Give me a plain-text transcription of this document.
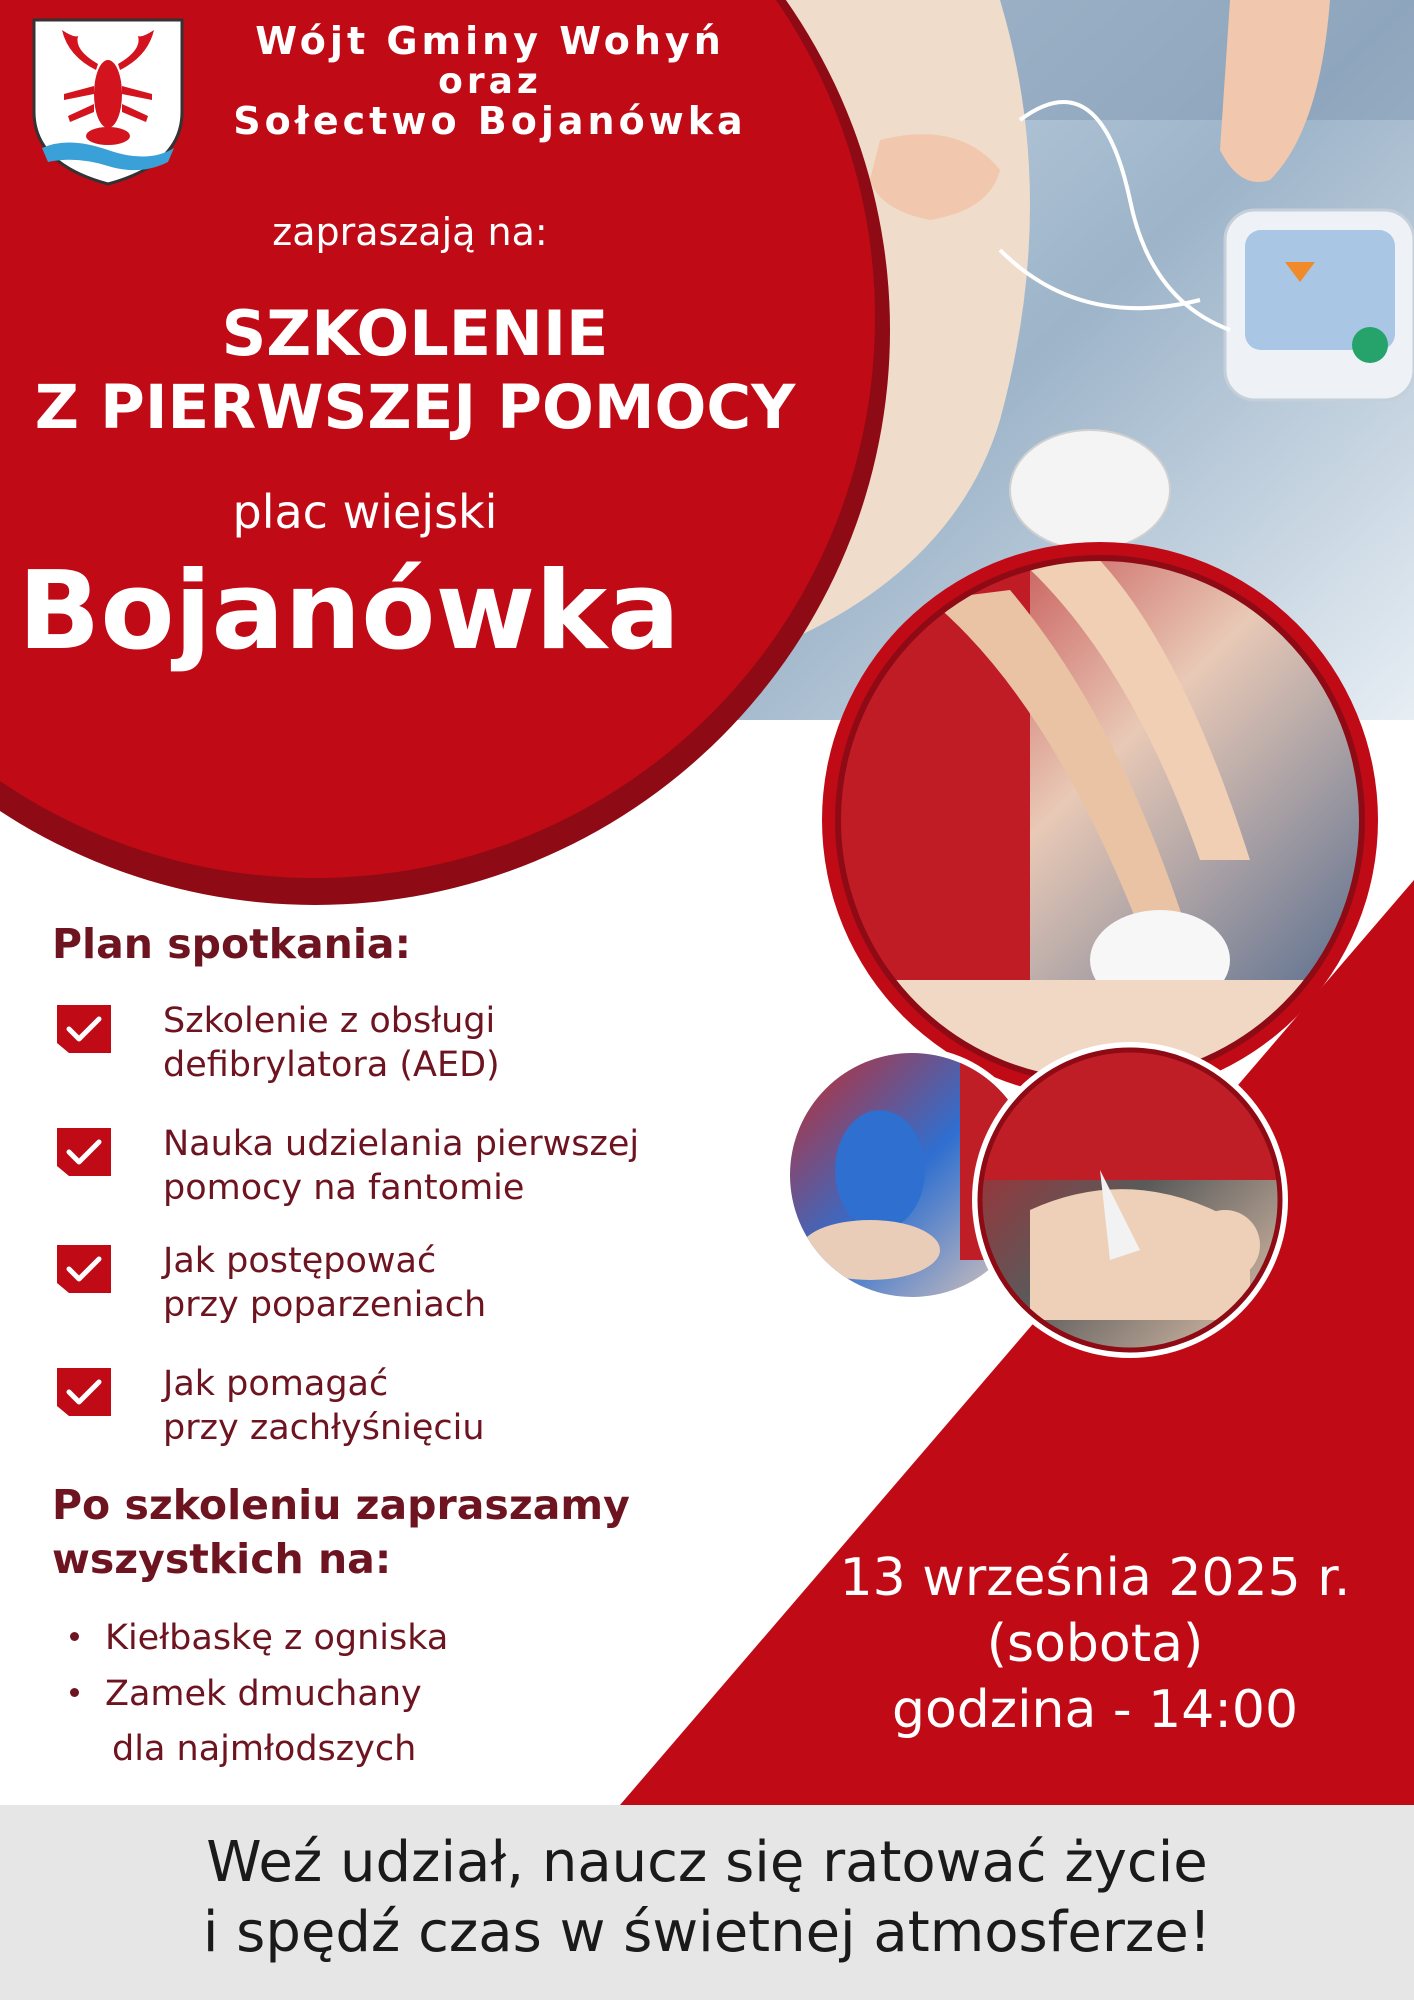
Wójt Gminy Wohyń
oraz
Sołectwo Bojanówka
zapraszają na:
SZKOLENIE
Z PIERWSZEJ POMOCY
plac wiejski
Bojanówka
Plan spotkania:
Szkolenie z obsługi
defibrylatora (AED)
Nauka udzielania pierwszej
pomocy na fantomie
Jak postępować
przy poparzeniach
Jak pomagać
przy zachłyśnięciu
Po szkoleniu zapraszamy
wszystkich na:
Kiełbaskę z ogniska
Zamek dmuchany
dla najmłodszych
13 września 2025 r.
(sobota)
godzina - 14:00
Weź udział, naucz się ratować życie
i spędź czas w świetnej atmosferze!
